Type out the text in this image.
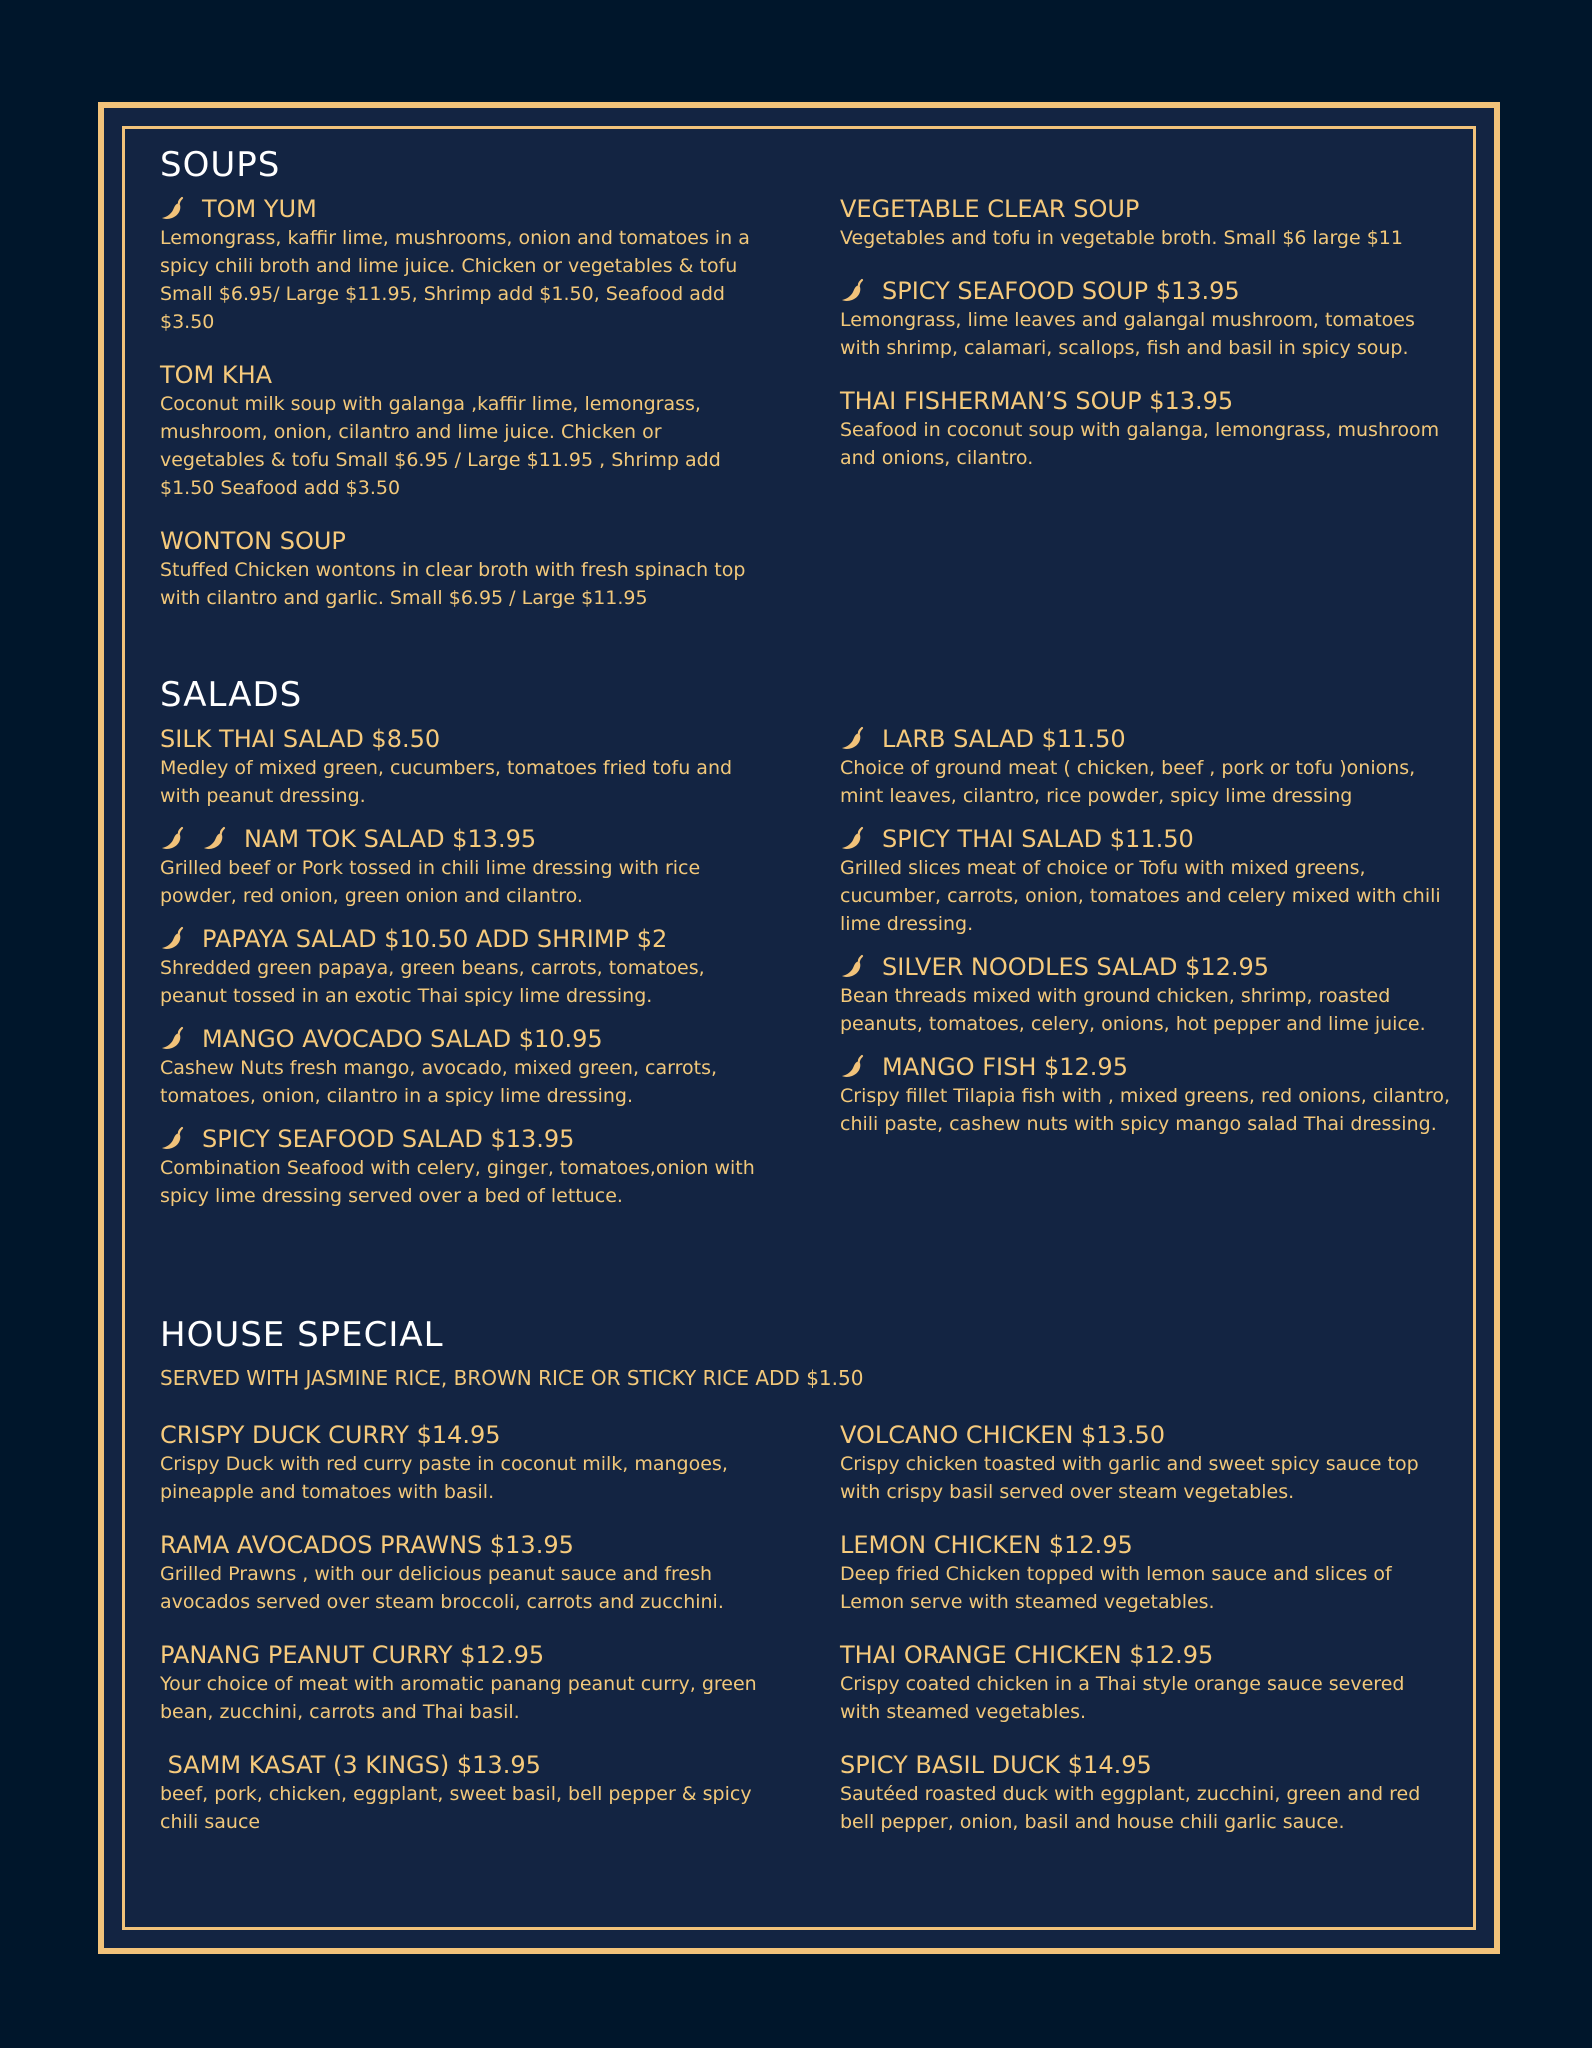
SOUPS
TOM YUM

Lemongrass, kaffir lime, mushrooms, onion and tomatoes in a spicy chili broth and lime juice. Chicken or vegetables & tofu Small $6.95/ Large $11.95, Shrimp add $1.50, Seafood add $3.50

TOM KHA

Coconut milk soup with galanga ,kaffir lime, lemongrass, mushroom, onion, cilantro and lime juice. Chicken or vegetables & tofu Small $6.95 / Large $11.95 , Shrimp add $1.50 Seafood add $3.50

WONTON SOUP

Stuffed Chicken wontons in clear broth with fresh spinach top with cilantro and garlic. Small $6.95 / Large $11.95

VEGETABLE CLEAR SOUP

Vegetables and tofu in vegetable broth. Small $6 large $11

SPICY SEAFOOD SOUP $13.95

Lemongrass, lime leaves and galangal mushroom, tomatoes with shrimp, calamari, scallops, fish and basil in spicy soup.

THAI FISHERMAN’S SOUP $13.95

Seafood in coconut soup with galanga, lemongrass, mushroom and onions, cilantro.

SALADS
SILK THAI SALAD $8.50

Medley of mixed green, cucumbers, tomatoes fried tofu and with peanut dressing.

NAM TOK SALAD $13.95

Grilled beef or Pork tossed in chili lime dressing with rice powder, red onion, green onion and cilantro.

PAPAYA SALAD $10.50 ADD SHRIMP $2

Shredded green papaya, green beans, carrots, tomatoes, peanut tossed in an exotic Thai spicy lime dressing.

MANGO AVOCADO SALAD $10.95

Cashew Nuts fresh mango, avocado, mixed green, carrots, tomatoes, onion, cilantro in a spicy lime dressing.

SPICY SEAFOOD SALAD $13.95

Combination Seafood with celery, ginger, tomatoes,onion with spicy lime dressing served over a bed of lettuce.

LARB SALAD $11.50

Choice of ground meat ( chicken, beef , pork or tofu )onions, mint leaves, cilantro, rice powder, spicy lime dressing

SPICY THAI SALAD $11.50

Grilled slices meat of choice or Tofu with mixed greens, cucumber, carrots, onion, tomatoes and celery mixed with chili lime dressing.

SILVER NOODLES SALAD $12.95

Bean threads mixed with ground chicken, shrimp, roasted peanuts, tomatoes, celery, onions, hot pepper and lime juice.

MANGO FISH $12.95

Crispy fillet Tilapia fish with , mixed greens, red onions, cilantro, chili paste, cashew nuts with spicy mango salad Thai dressing.

HOUSE SPECIAL
SERVED WITH JASMINE RICE, BROWN RICE OR STICKY RICE ADD $1.50
CRISPY DUCK CURRY $14.95

Crispy Duck with red curry paste in coconut milk, mangoes, pineapple and tomatoes with basil.

RAMA AVOCADOS PRAWNS $13.95

Grilled Prawns , with our delicious peanut sauce and fresh avocados served over steam broccoli, carrots and zucchini.

PANANG PEANUT CURRY $12.95

Your choice of meat with aromatic panang peanut curry, green bean, zucchini, carrots and Thai basil.

SAMM KASAT (3 KINGS) $13.95

beef, pork, chicken, eggplant, sweet basil, bell pepper & spicy chili sauce

VOLCANO CHICKEN $13.50

Crispy chicken toasted with garlic and sweet spicy sauce top with crispy basil served over steam vegetables.

LEMON CHICKEN $12.95

Deep fried Chicken topped with lemon sauce and slices of Lemon serve with steamed vegetables.

THAI ORANGE CHICKEN $12.95

Crispy coated chicken in a Thai style orange sauce severed with steamed vegetables.

SPICY BASIL DUCK $14.95

Sautéed roasted duck with eggplant, zucchini, green and red bell pepper, onion, basil and house chili garlic sauce.
